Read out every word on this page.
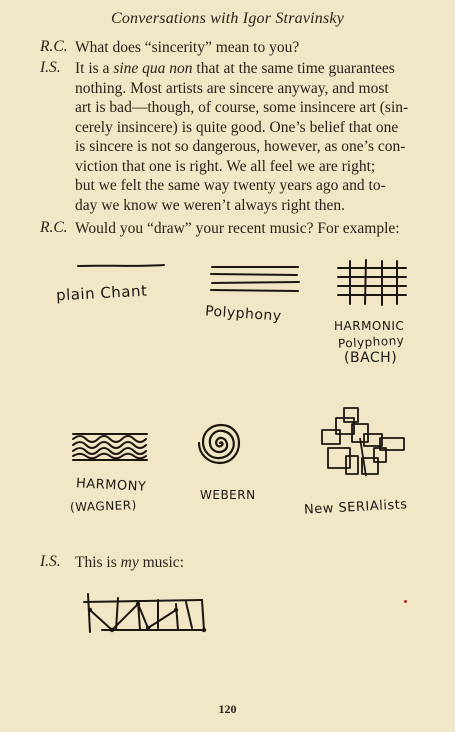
Conversations with Igor Stravinsky
R.C. What does “sincerity” mean to you?
I.S. It is a sine qua non that at the same time guarantees
nothing. Most artists are sincere anyway, and most
art is bad—though, of course, some insincere art (sin-
cerely insincere) is quite good. One’s belief that one
is sincere is not so dangerous, however, as one’s con-
viction that one is right. We all feel we are right;
but we felt the same way twenty years ago and to-
day we know we weren’t always right then.
R.C. Would you “draw” your recent music? For example:
plain Chant
Polyphony
HARMONIC
Polyphony
(BACH)
HARMONY
(WAGNER)
WEBERN
New SERIAlists
I.S. This is my music:
120
